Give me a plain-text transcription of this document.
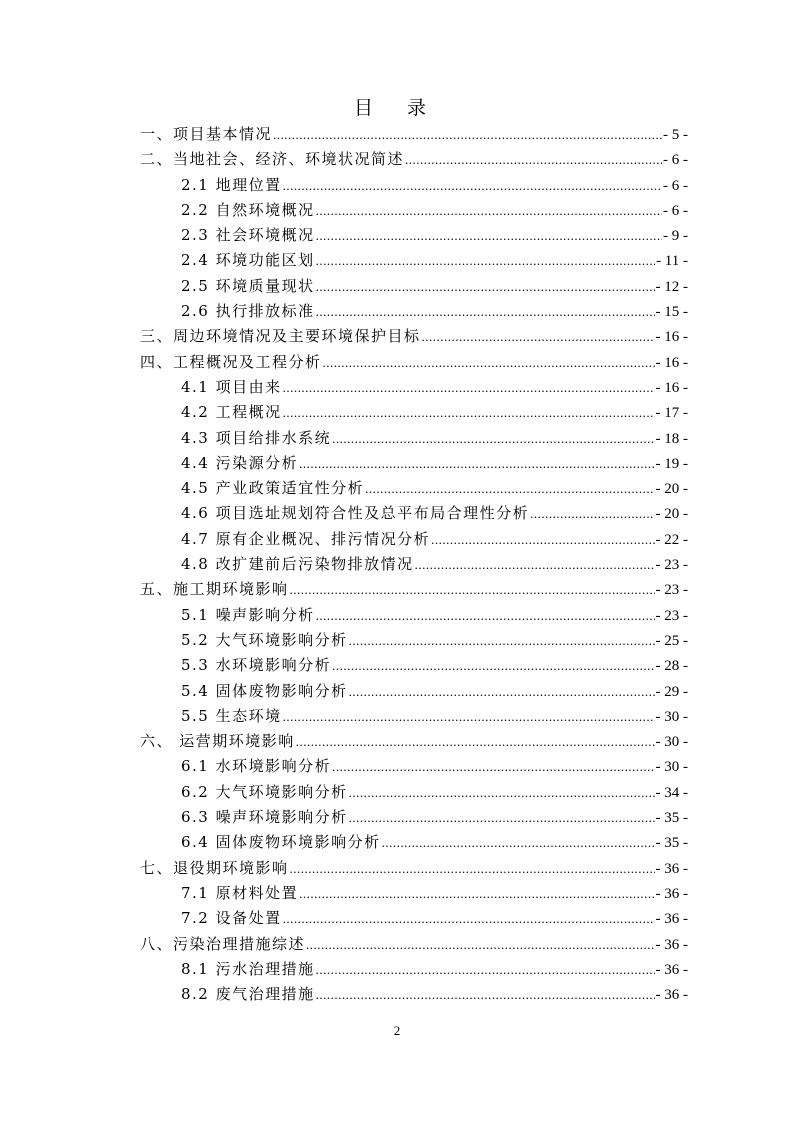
目 录
一、项目基本情况 .....	- 5 -
二、当地社会、经济、环境状况简述 .....	- 6 -
2.1 地理位置 .....	- 6 -
2.2 自然环境概况 .....	- 6 -
2.3 社会环境概况 .....	- 9 -
2.4 环境功能区划 .....	- 11 -
2.5 环境质量现状 .....	- 12 -
2.6 执行排放标准 .....	- 15 -
三、周边环境情况及主要环境保护目标 .....	- 16 -
四、工程概况及工程分析 .....	- 16 -
4.1 项目由来 .....	- 16 -
4.2 工程概况 .....	- 17 -
4.3 项目给排水系统 .....	- 18 -
4.4 污染源分析 .....	- 19 -
4.5 产业政策适宜性分析 .....	- 20 -
4.6 项目选址规划符合性及总平布局合理性分析 .....	- 20 -
4.7 原有企业概况、排污情况分析 .....	- 22 -
4.8 改扩建前后污染物排放情况 .....	- 23 -
五、施工期环境影响 .....	- 23 -
5.1 噪声影响分析 .....	- 23 -
5.2 大气环境影响分析 .....	- 25 -
5.3 水环境影响分析 .....	- 28 -
5.4 固体废物影响分析 .....	- 29 -
5.5 生态环境 .....	- 30 -
六、 运营期环境影响 .....	- 30 -
6.1 水环境影响分析 .....	- 30 -
6.2 大气环境影响分析 .....	- 34 -
6.3 噪声环境影响分析 .....	- 35 -
6.4 固体废物环境影响分析 .....	- 35 -
七、退役期环境影响 .....	- 36 -
7.1 原材料处置 .....	- 36 -
7.2 设备处置 .....	- 36 -
八、污染治理措施综述 .....	- 36 -
8.1 污水治理措施 .....	- 36 -
8.2 废气治理措施 .....	- 36 -
2
